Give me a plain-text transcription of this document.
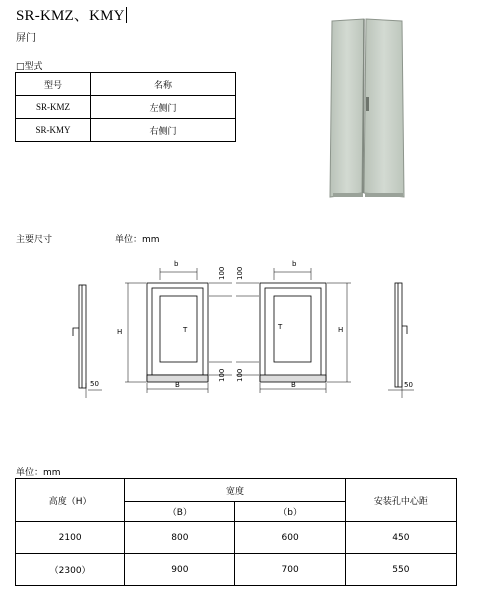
SR-KMZ、KMY
屏门
□型式
型号	名称
SR-KMZ	左侧门
SR-KMY	右侧门
主要尺寸	单位：mm
50
b
B
H	T
100
100
b
B
H
T
100
100
50
单位：mm
高度（H）	宽度		安装孔中心距
	（B）	（b）	
2100	800	600	450
（2300）	900	700	550
